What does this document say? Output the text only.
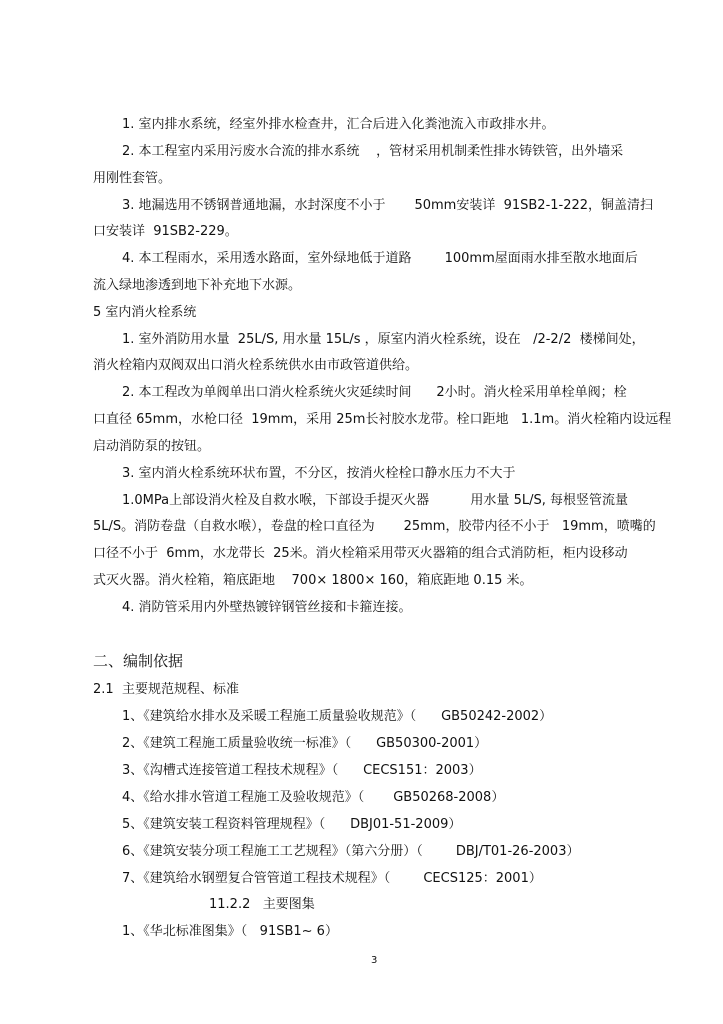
1. 室内排水系统，经室外排水检查井，汇合后进入化粪池流入市政排水井。
2. 本工程室内采用污废水合流的排水系统    ，管材采用机制柔性排水铸铁管，出外墙采
用刚性套管。
3. 地漏选用不锈钢普通地漏，水封深度不小于       50mm安装详  91SB2-1-222，铜盖清扫
口安装详  91SB2-229。
4. 本工程雨水，采用透水路面，室外绿地低于道路        100mm屋面雨水排至散水地面后
流入绿地渗透到地下补充地下水源。
5 室内消火栓系统
1. 室外消防用水量  25L/S, 用水量 15L/s ，原室内消火栓系统，设在   /2-2/2  楼梯间处，
消火栓箱内双阀双出口消火栓系统供水由市政管道供给。
2. 本工程改为单阀单出口消火栓系统火灾延续时间      2小时。消火栓采用单栓单阀；栓
口直径 65mm，水枪口径  19mm，采用 25m长衬胶水龙带。栓口距地   1.1m。消火栓箱内设远程
启动消防泵的按钮。
3. 室内消火栓系统环状布置，不分区，按消火栓栓口静水压力不大于
1.0MPa上部设消火栓及自救水喉，下部设手提灭火器          用水量 5L/S, 每根竖管流量
5L/S。消防卷盘（自救水喉），卷盘的栓口直径为       25mm，胶带内径不小于   19mm，喷嘴的
口径不小于  6mm，水龙带长  25米。消火栓箱采用带灭火器箱的组合式消防柜，柜内设移动
式灭火器。消火栓箱，箱底距地    700× 1800× 160，箱底距地 0.15 米。
4. 消防管采用内外壁热镀锌钢管丝接和卡箍连接。
二、编制依据
2.1  主要规范规程、标准
1、《建筑给水排水及采暖工程施工质量验收规范》（      GB50242-2002）
2、《建筑工程施工质量验收统一标准》（      GB50300-2001）
3、《沟槽式连接管道工程技术规程》（      CECS151：2003）
4、《给水排水管道工程施工及验收规范》（       GB50268-2008）
5、《建筑安装工程资料管理规程》（      DBJ01-51-2009）
6、《建筑安装分项工程施工工艺规程》（第六分册）（        DBJ/T01-26-2003）
7、《建筑给水钢塑复合管管道工程技术规程》（        CECS125：2001）
11.2.2   主要图集
1、《华北标准图集》（   91SB1~ 6）
3
